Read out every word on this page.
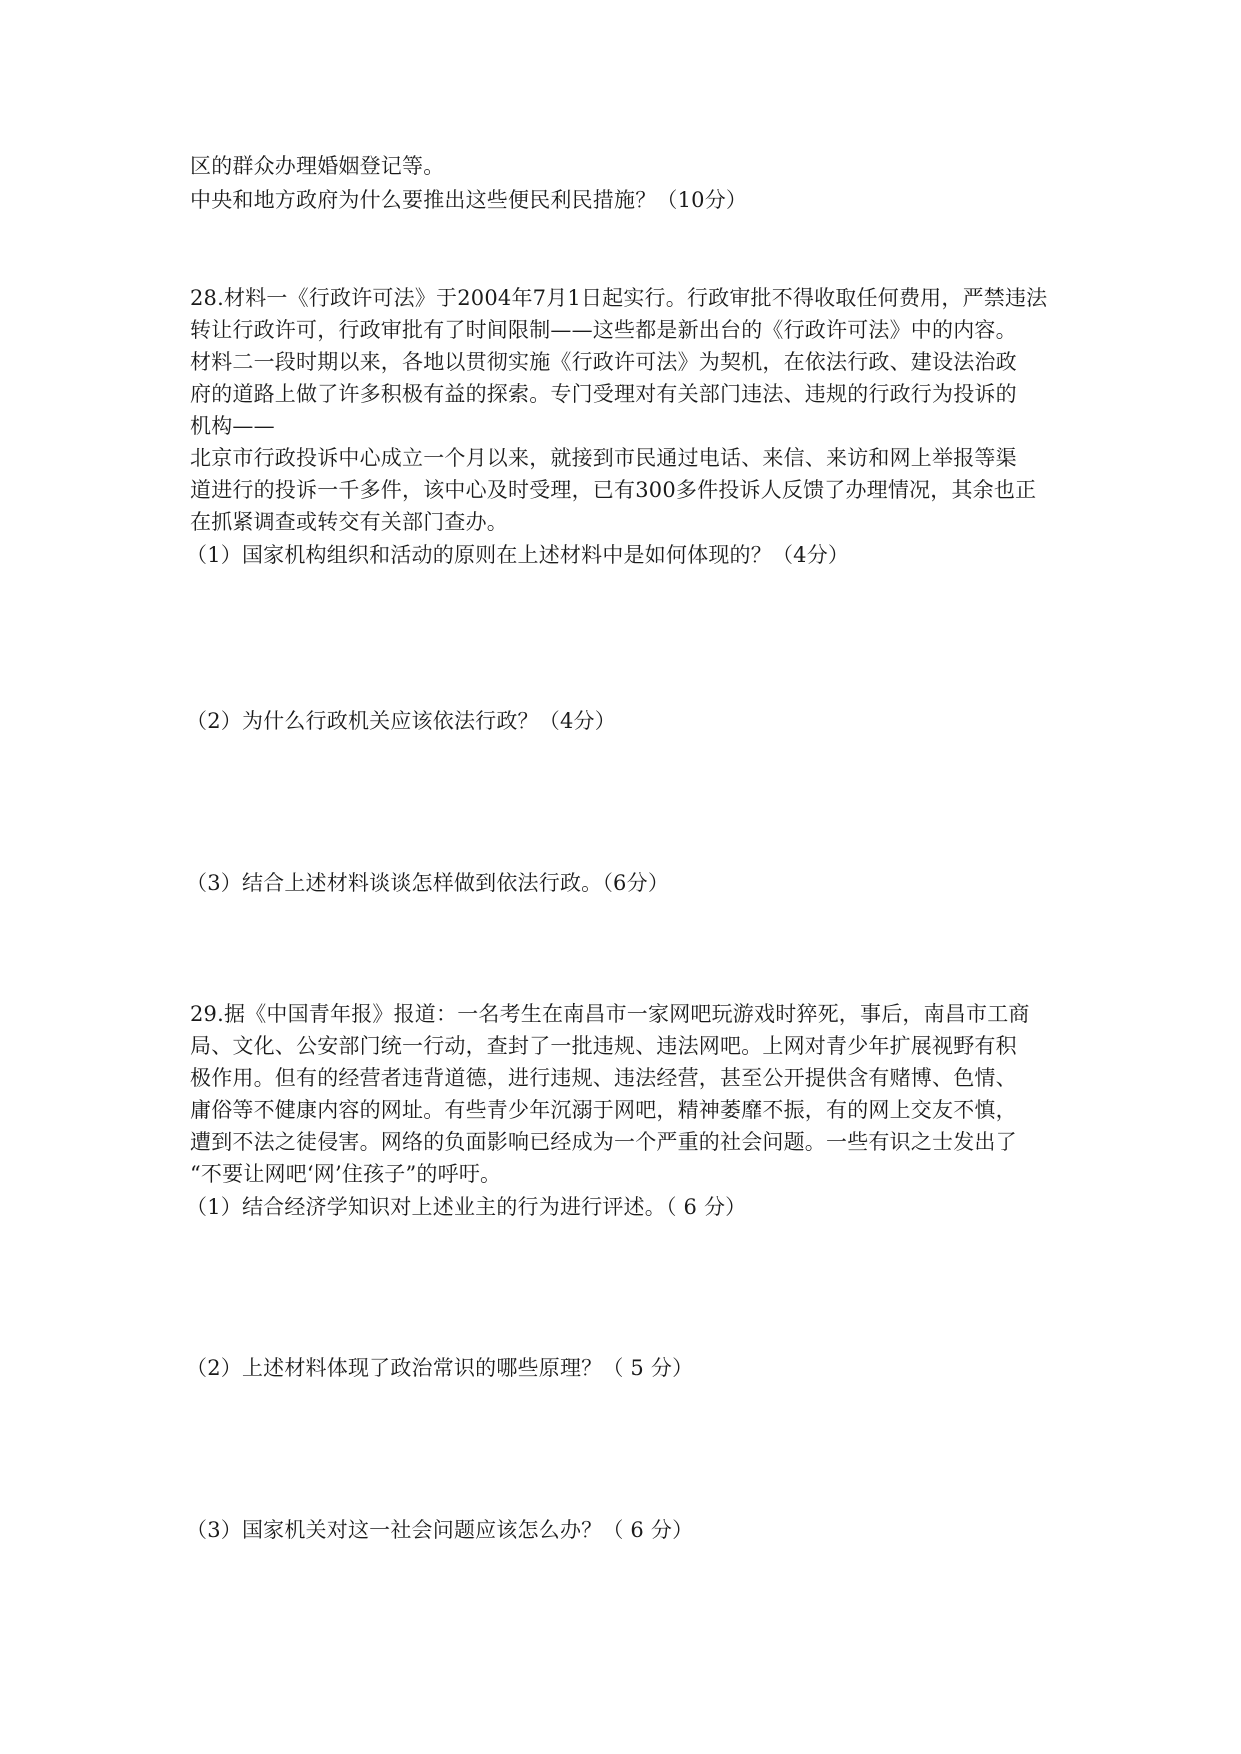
区的群众办理婚姻登记等。
中央和地方政府为什么要推出这些便民利民措施？（10分）
28.材料一《行政许可法》于2004年7月1日起实行。行政审批不得收取任何费用，严禁违法
转让行政许可，行政审批有了时间限制——这些都是新出台的《行政许可法》中的内容。
材料二一段时期以来，各地以贯彻实施《行政许可法》为契机，在依法行政、建设法治政
府的道路上做了许多积极有益的探索。专门受理对有关部门违法、违规的行政行为投诉的
机构——
北京市行政投诉中心成立一个月以来，就接到市民通过电话、来信、来访和网上举报等渠
道进行的投诉一千多件，该中心及时受理，已有300多件投诉人反馈了办理情况，其余也正
在抓紧调查或转交有关部门查办。
（1）国家机构组织和活动的原则在上述材料中是如何体现的？（4分）
（2）为什么行政机关应该依法行政？（4分）
（3）结合上述材料谈谈怎样做到依法行政。（6分）
29.据《中国青年报》报道：一名考生在南昌市一家网吧玩游戏时猝死，事后，南昌市工商
局、文化、公安部门统一行动，查封了一批违规、违法网吧。上网对青少年扩展视野有积
极作用。但有的经营者违背道德，进行违规、违法经营，甚至公开提供含有赌博、色情、
庸俗等不健康内容的网址。有些青少年沉溺于网吧，精神萎靡不振，有的网上交友不慎，
遭到不法之徒侵害。网络的负面影响已经成为一个严重的社会问题。一些有识之士发出了
“不要让网吧‘网’住孩子”的呼吁。
（1）结合经济学知识对上述业主的行为进行评述。（ 6 分）
（2）上述材料体现了政治常识的哪些原理？（ 5 分）
（3）国家机关对这一社会问题应该怎么办？（ 6 分）
